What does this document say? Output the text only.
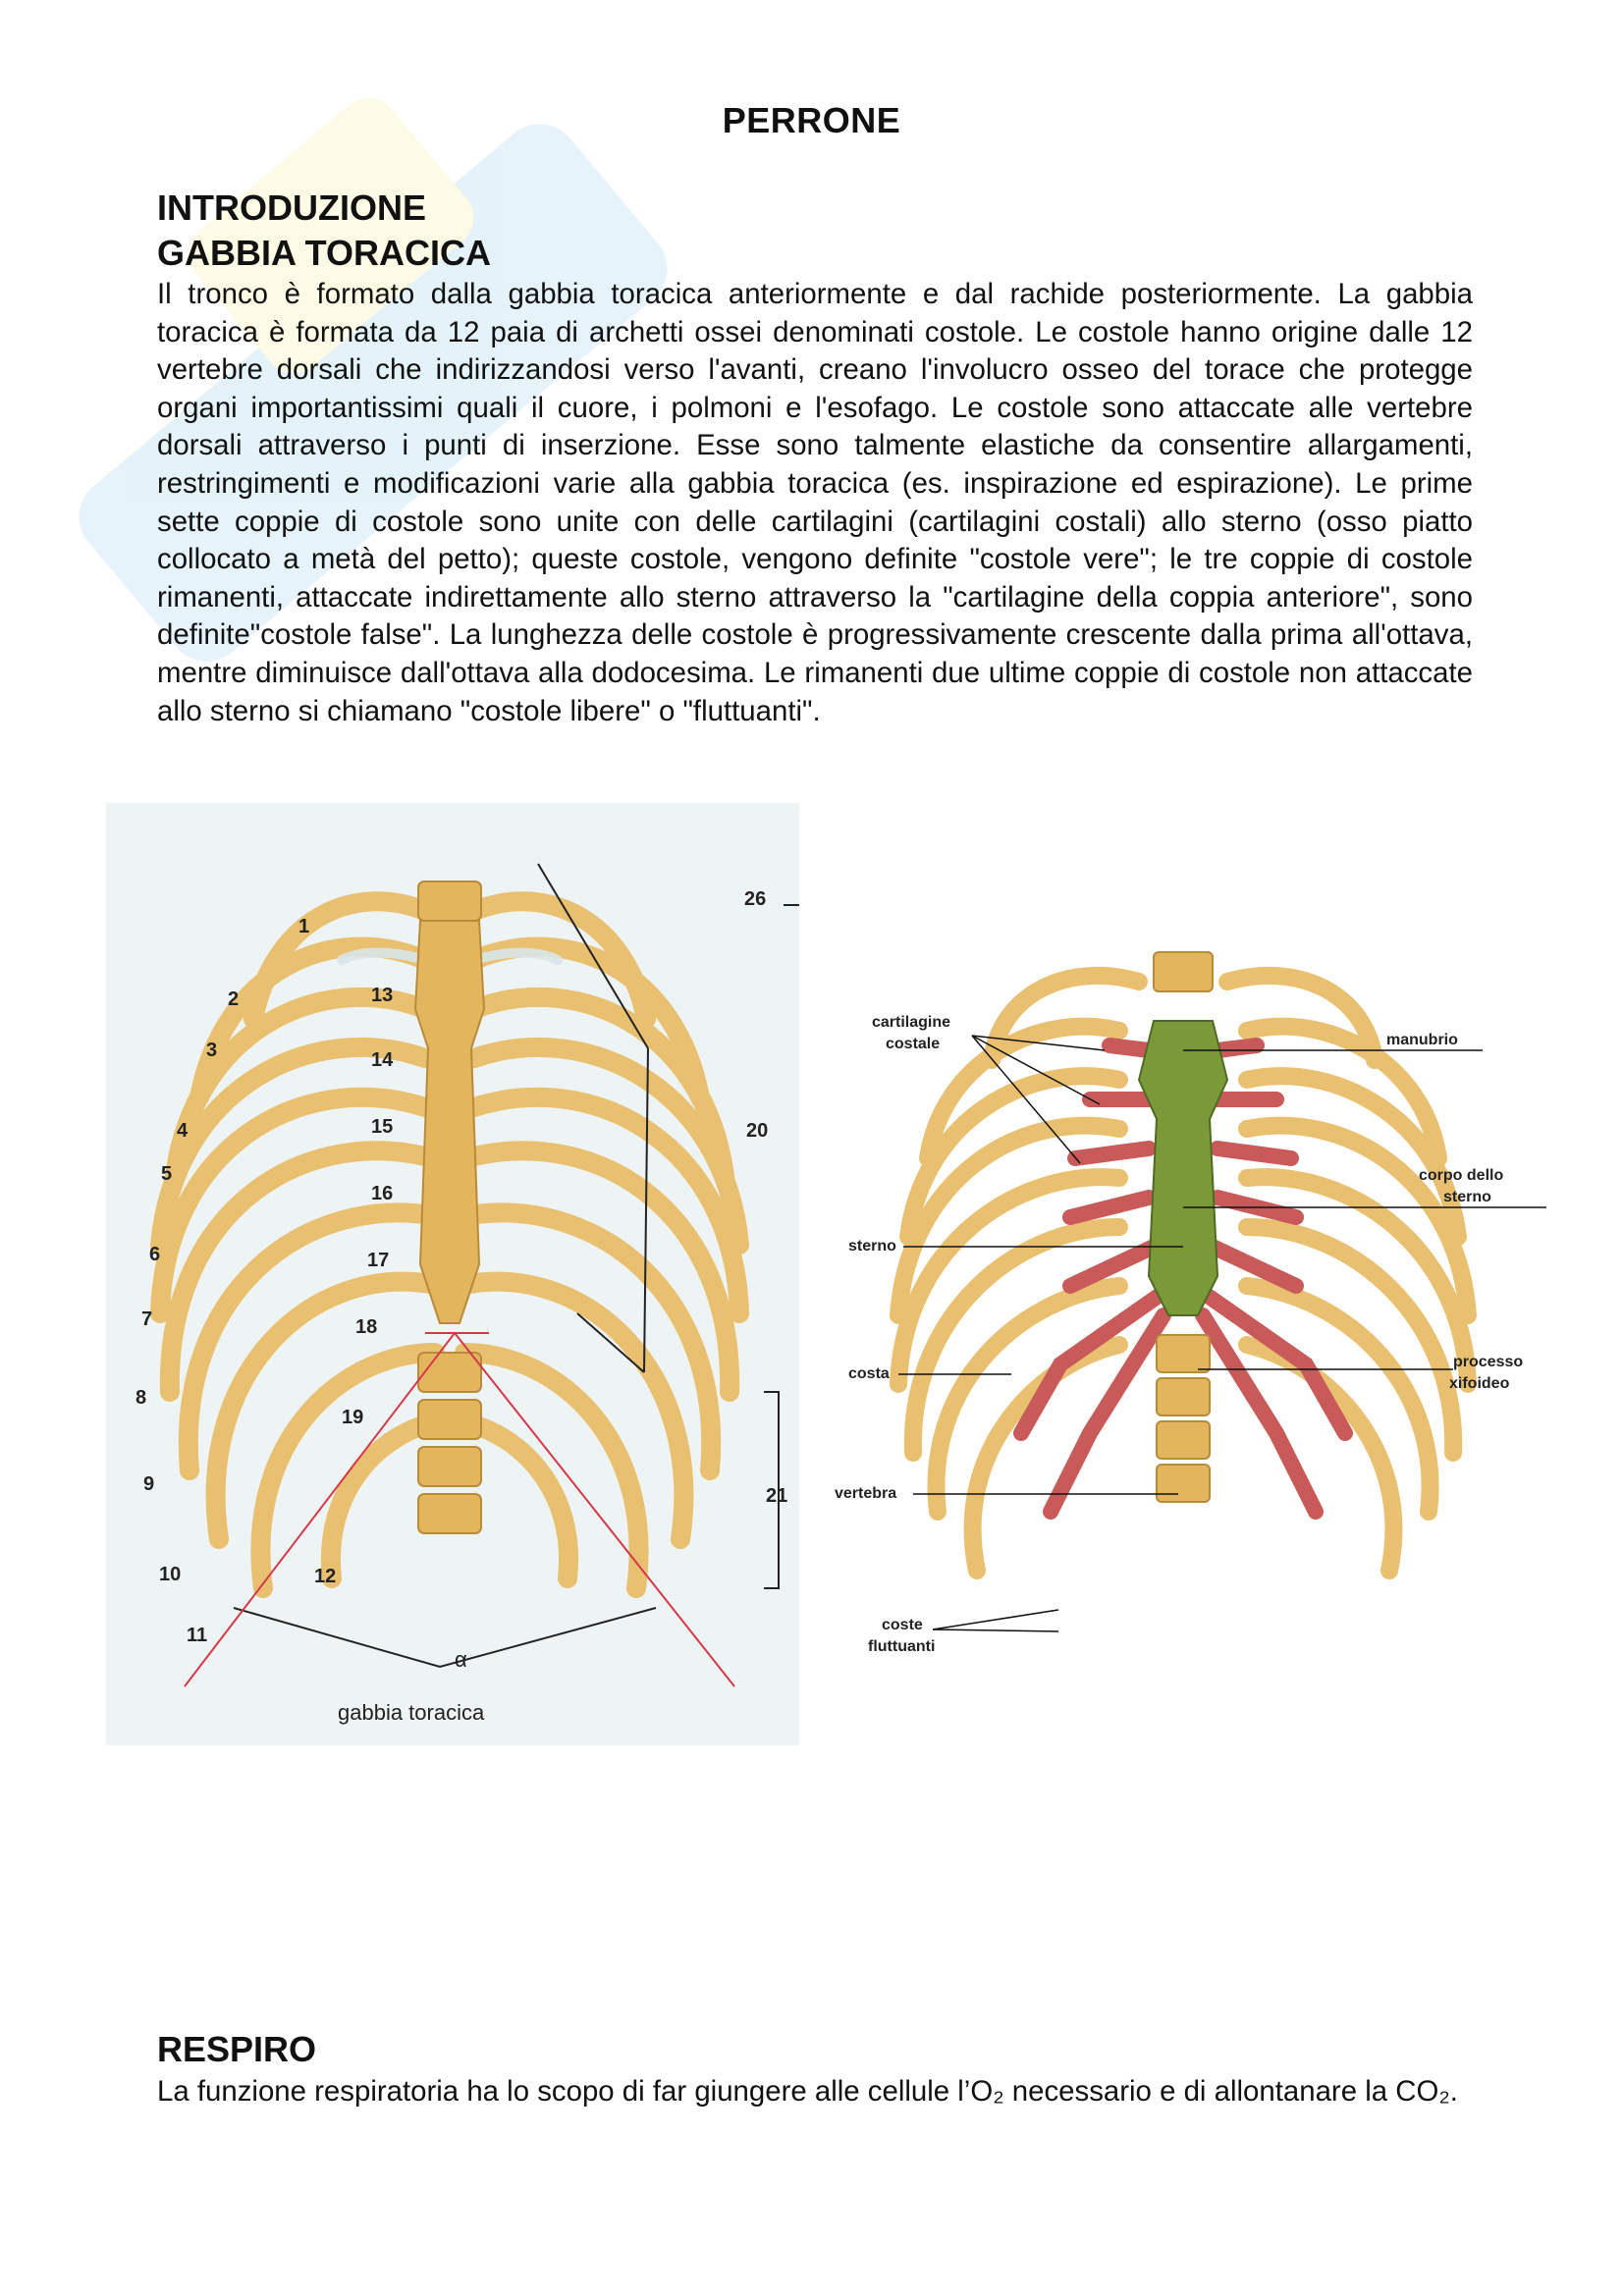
PERRONE
INTRODUZIONE
GABBIA TORACICA

Il tronco è formato dalla gabbia toracica anteriormente e dal rachide posteriormente. La gabbia toracica è formata da 12 paia di archetti ossei denominati costole. Le costole hanno origine dalle 12 vertebre dorsali che indirizzandosi verso l'avanti, creano l'involucro osseo del torace che protegge organi importantissimi quali il cuore, i polmoni e l'esofago. Le costole sono attaccate alle vertebre dorsali attraverso i punti di inserzione. Esse sono talmente elastiche da consentire allargamenti, restringimenti e modificazioni varie alla gabbia toracica (es. inspirazione ed espirazione). Le prime sette coppie di costole sono unite con delle cartilagini (cartilagini costali) allo sterno (osso piatto collocato a metà del petto); queste costole, vengono definite "costole vere"; le tre coppie di costole rimanenti, attaccate indirettamente allo sterno attraverso la "cartilagine della coppia anteriore", sono definite"costole false". La lunghezza delle costole è progressivamente crescente dalla prima all'ottava, mentre diminuisce dall'ottava alla dodocesima. Le rimanenti due ultime coppie di costole non attaccate allo sterno si chiamano "costole libere" o "fluttuanti".

1
2
3
4
5
6
7
8
9
10
11
12
13
14
15
16
17
18
19
20
21
26
α
gabbia toracica
cartilagine
costale	manubrio
corpo dello
sterno
sterno
costa
processo
xifoideo
vertebra
coste
fluttuanti
RESPIRO

La funzione respiratoria ha lo scopo di far giungere alle cellule l’O₂ necessario e di allontanare la CO₂.
